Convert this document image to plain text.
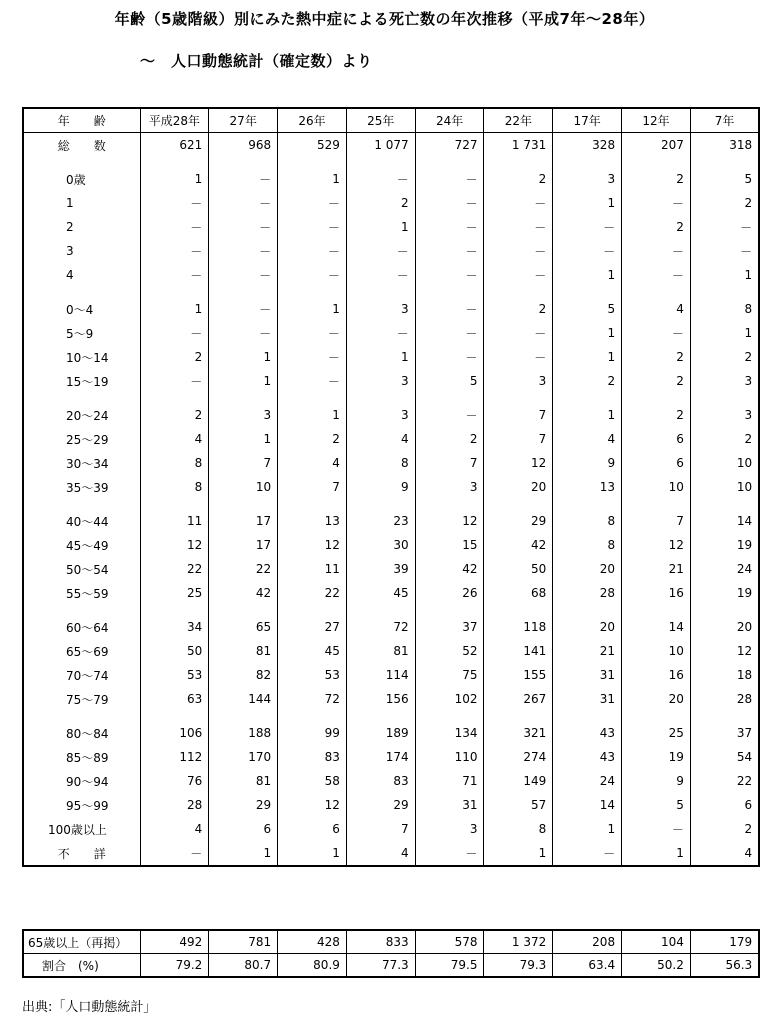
年齢（5歳階級）別にみた熱中症による死亡数の年次推移（平成7年～28年）
～　人口動態統計（確定数）より
年　　齢	平成28年	27年	26年	25年	24年	22年	17年	12年	7年
総　　数	621	968	529	1 077	727	1 731	328	207	318

0歳	1	－	1	－	－	2	3	2	5
1	－	－	－	2	－	－	1	－	2
2	－	－	－	1	－	－	－	2	－
3	－	－	－	－	－	－	－	－	－
4	－	－	－	－	－	－	1	－	1

0～4	1	－	1	3	－	2	5	4	8
5～9	－	－	－	－	－	－	1	－	1
10～14	2	1	－	1	－	－	1	2	2
15～19	－	1	－	3	5	3	2	2	3

20～24	2	3	1	3	－	7	1	2	3
25～29	4	1	2	4	2	7	4	6	2
30～34	8	7	4	8	7	12	9	6	10
35～39	8	10	7	9	3	20	13	10	10

40～44	11	17	13	23	12	29	8	7	14
45～49	12	17	12	30	15	42	8	12	19
50～54	22	22	11	39	42	50	20	21	24
55～59	25	42	22	45	26	68	28	16	19

60～64	34	65	27	72	37	118	20	14	20
65～69	50	81	45	81	52	141	21	10	12
70～74	53	82	53	114	75	155	31	16	18
75～79	63	144	72	156	102	267	31	20	28

80～84	106	188	99	189	134	321	43	25	37
85～89	112	170	83	174	110	274	43	19	54
90～94	76	81	58	83	71	149	24	9	22
95～99	28	29	12	29	31	57	14	5	6
100歳以上	4	6	6	7	3	8	1	－	2
不　　詳	－	1	1	4	－	1	－	1	4
65歳以上（再掲）	492	781	428	833	578	1 372	208	104	179
割合　(%)	79.2	80.7	80.9	77.3	79.5	79.3	63.4	50.2	56.3
出典:「人口動態統計」
